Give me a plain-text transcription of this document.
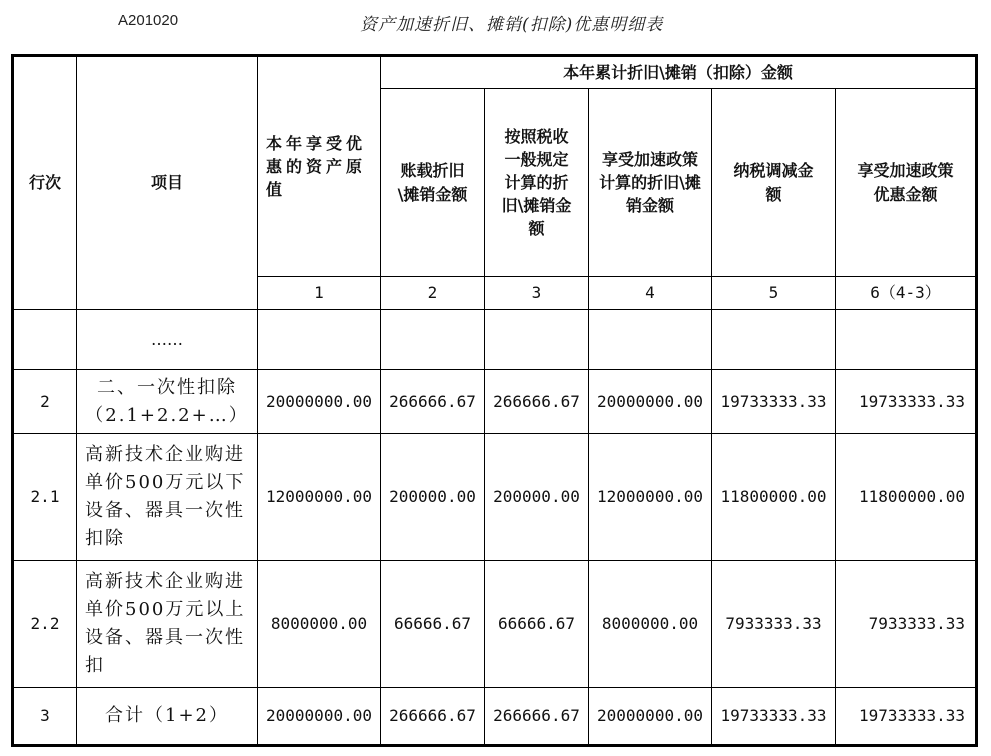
A201020	资产加速折旧、摊销(扣除)优惠明细表
行次	项目	本年享受优惠的资产原值	本年累计折旧\摊销（扣除）金额				
			账载折旧\摊销金额	按照税收一般规定计算的折旧\摊销金额	享受加速政策计算的折旧\摊销金额	纳税调减金额	享受加速政策优惠金额
		1	2	3	4	5	6（4-3）
	……						
2	二、一次性扣除（2.1+2.2+…）	20000000.00	266666.67	266666.67	20000000.00	19733333.33	19733333.33
2.1	高新技术企业购进单价500万元以下设备、器具一次性扣除	12000000.00	200000.00	200000.00	12000000.00	11800000.00	11800000.00
2.2	高新技术企业购进单价500万元以上设备、器具一次性扣	8000000.00	66666.67	66666.67	8000000.00	7933333.33	7933333.33
3	合计（1+2）	20000000.00	266666.67	266666.67	20000000.00	19733333.33	19733333.33
